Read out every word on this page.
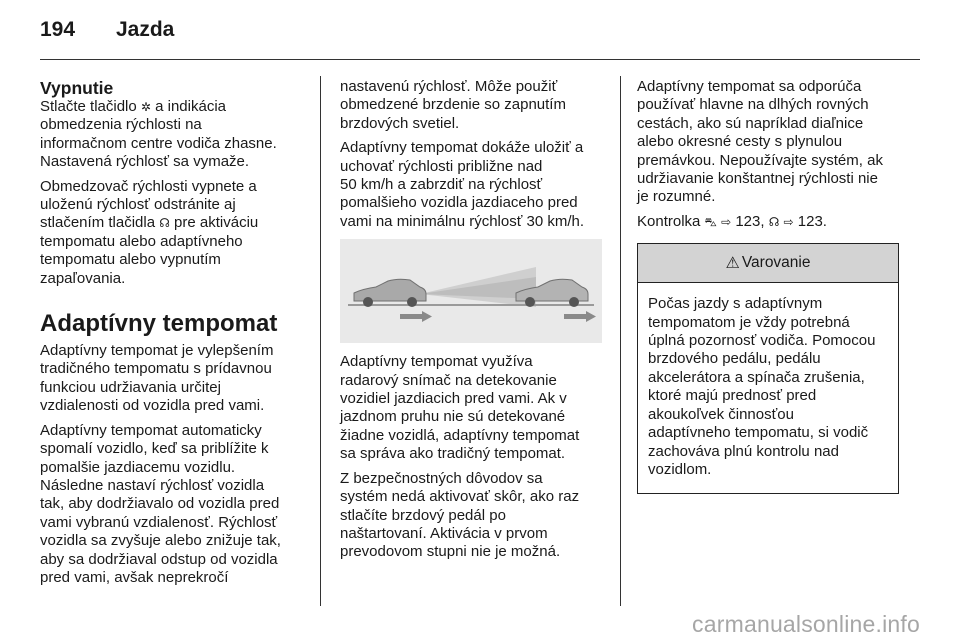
194 Jazda
Vypnutie

Stlačte tlačidlo ✲ a indikácia
obmedzenia rýchlosti na
informačnom centre vodiča zhasne.
Nastavená rýchlosť sa vymaže.

Obmedzovač rýchlosti vypnete a
uloženú rýchlosť odstránite aj
stlačením tlačidla ☊ pre aktiváciu
tempomatu alebo adaptívneho
tempomatu alebo vypnutím
zapaľovania.

Adaptívny tempomat

Adaptívny tempomat je vylepšením
tradičného tempomatu s prídavnou
funkciou udržiavania určitej
vzdialenosti od vozidla pred vami.

Adaptívny tempomat automaticky
spomalí vozidlo, keď sa priblížite k
pomalšie jazdiacemu vozidlu.
Následne nastaví rýchlosť vozidla
tak, aby dodržiavalo od vozidla pred
vami vybranú vzdialenosť. Rýchlosť
vozidla sa zvyšuje alebo znižuje tak,
aby sa dodržiaval odstup od vozidla
pred vami, avšak neprekročí

nastavenú rýchlosť. Môže použiť
obmedzené brzdenie so zapnutím
brzdových svetiel.

Adaptívny tempomat dokáže uložiť a
uchovať rýchlosti približne nad
50 km/h a zabrzdiť na rýchlosť
pomalšieho vozidla jazdiaceho pred
vami na minimálnu rýchlosť 30 km/h.

Adaptívny tempomat využíva
radarový snímač na detekovanie
vozidiel jazdiacich pred vami. Ak v
jazdnom pruhu nie sú detekované
žiadne vozidlá, adaptívny tempomat
sa správa ako tradičný tempomat.

Z bezpečnostných dôvodov sa
systém nedá aktivovať skôr, ako raz
stlačíte brzdový pedál po
naštartovaní. Aktivácia v prvom
prevodovom stupni nie je možná.

Adaptívny tempomat sa odporúča
používať hlavne na dlhých rovných
cestách, ako sú napríklad diaľnice
alebo okresné cesty s plynulou
premávkou. Nepoužívajte systém, ak
udržiavanie konštantnej rýchlosti nie
je rozumné.

Kontrolka ⛍ ⇨ 123, ☊ ⇨ 123.

⚠ Varovanie
Počas jazdy s adaptívnym
tempomatom je vždy potrebná
úplná pozornosť vodiča. Pomocou
brzdového pedálu, pedálu
akcelerátora a spínača zrušenia,
ktoré majú prednosť pred
akoukoľvek činnosťou
adaptívneho tempomatu, si vodič
zachováva plnú kontrolu nad
vozidlom.
carmanualsonline.info
